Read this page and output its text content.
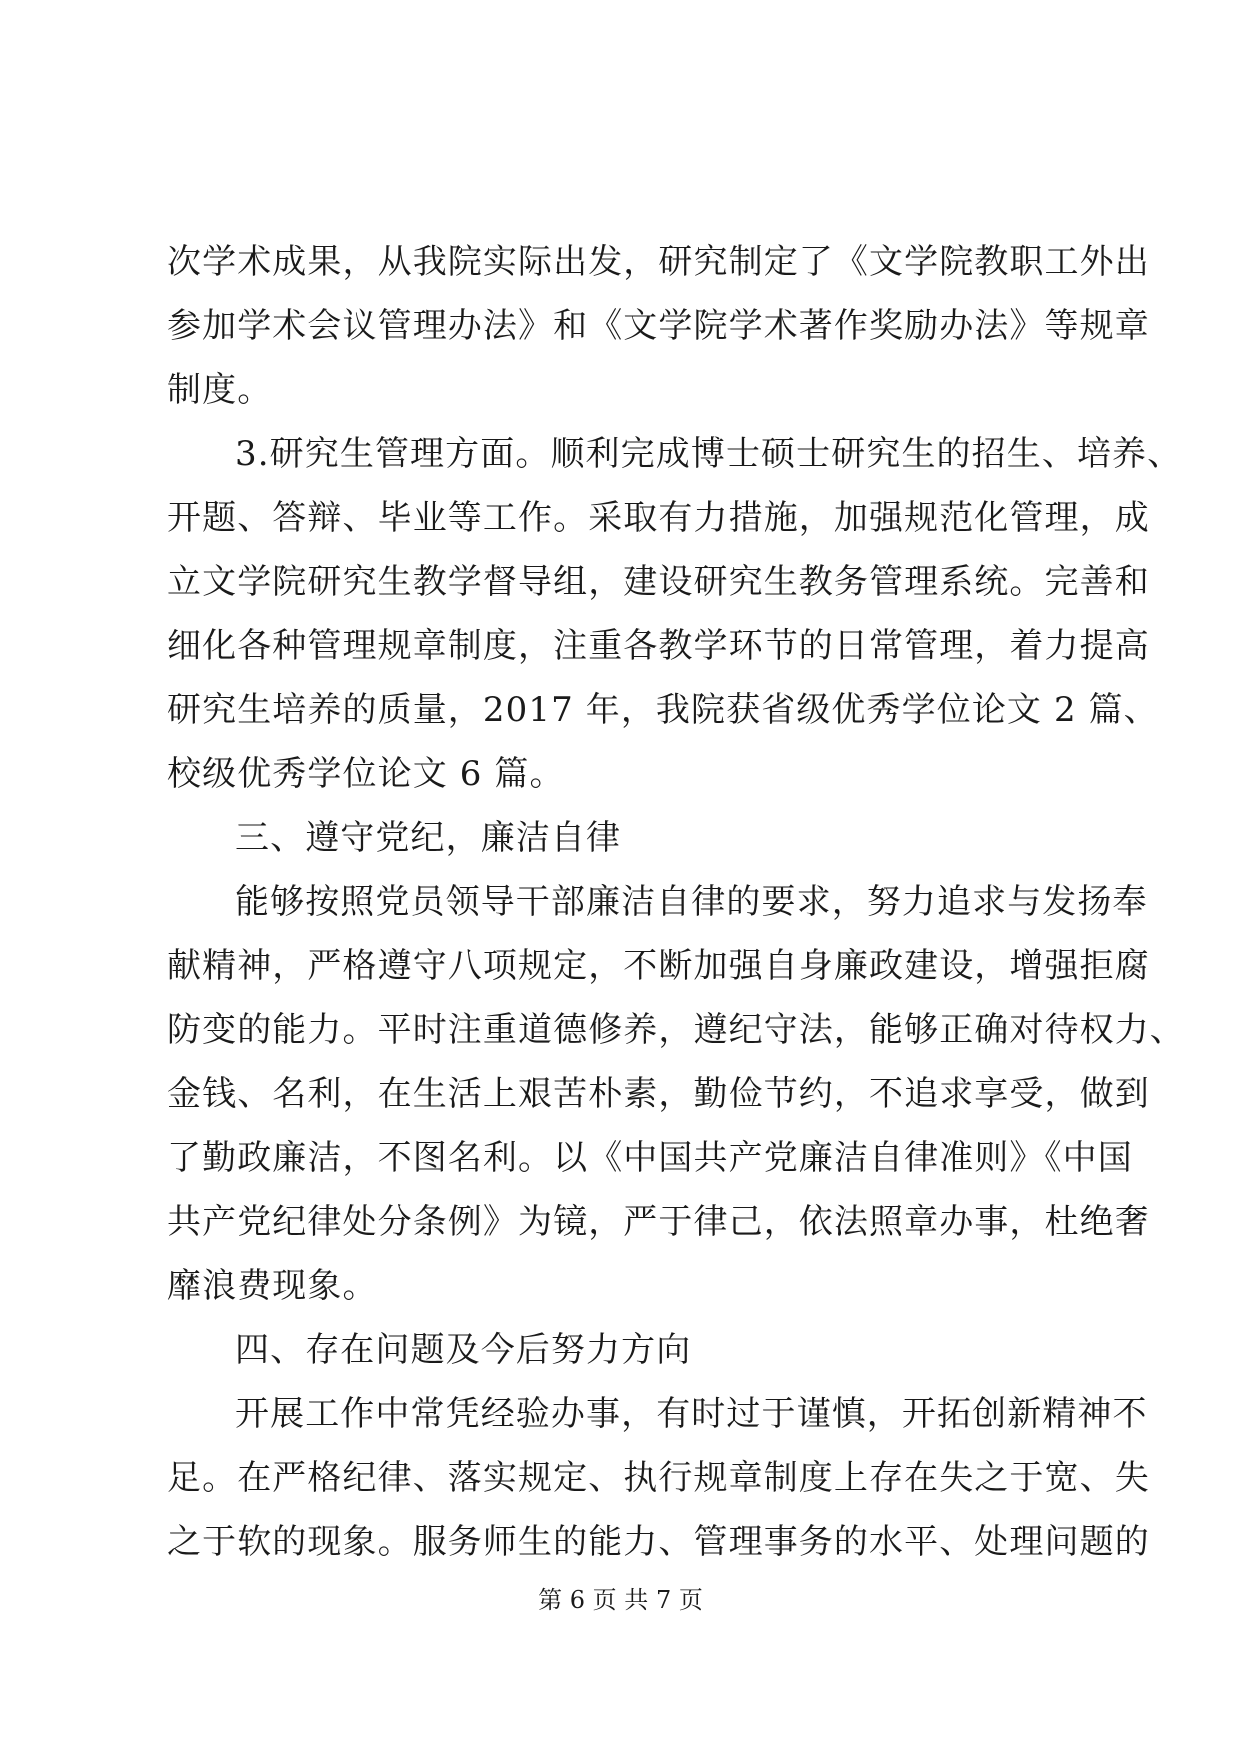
次学术成果，从我院实际出发，研究制定了《文学院教职工外出
参加学术会议管理办法》和《文学院学术著作奖励办法》等规章
制度。
3.研究生管理方面。顺利完成博士硕士研究生的招生、培养、
开题、答辩、毕业等工作。采取有力措施，加强规范化管理，成
立文学院研究生教学督导组，建设研究生教务管理系统。完善和
细化各种管理规章制度，注重各教学环节的日常管理，着力提高
研究生培养的质量，2017 年，我院获省级优秀学位论文 2 篇、
校级优秀学位论文 6 篇。
三、遵守党纪，廉洁自律
能够按照党员领导干部廉洁自律的要求，努力追求与发扬奉
献精神，严格遵守八项规定，不断加强自身廉政建设，增强拒腐
防变的能力。平时注重道德修养，遵纪守法，能够正确对待权力、
金钱、名利，在生活上艰苦朴素，勤俭节约，不追求享受，做到
了勤政廉洁，不图名利。以《中国共产党廉洁自律准则》《中国
共产党纪律处分条例》为镜，严于律己，依法照章办事，杜绝奢
靡浪费现象。
四、存在问题及今后努力方向
开展工作中常凭经验办事，有时过于谨慎，开拓创新精神不
足。在严格纪律、落实规定、执行规章制度上存在失之于宽、失
之于软的现象。服务师生的能力、管理事务的水平、处理问题的
第 6 页 共 7 页
